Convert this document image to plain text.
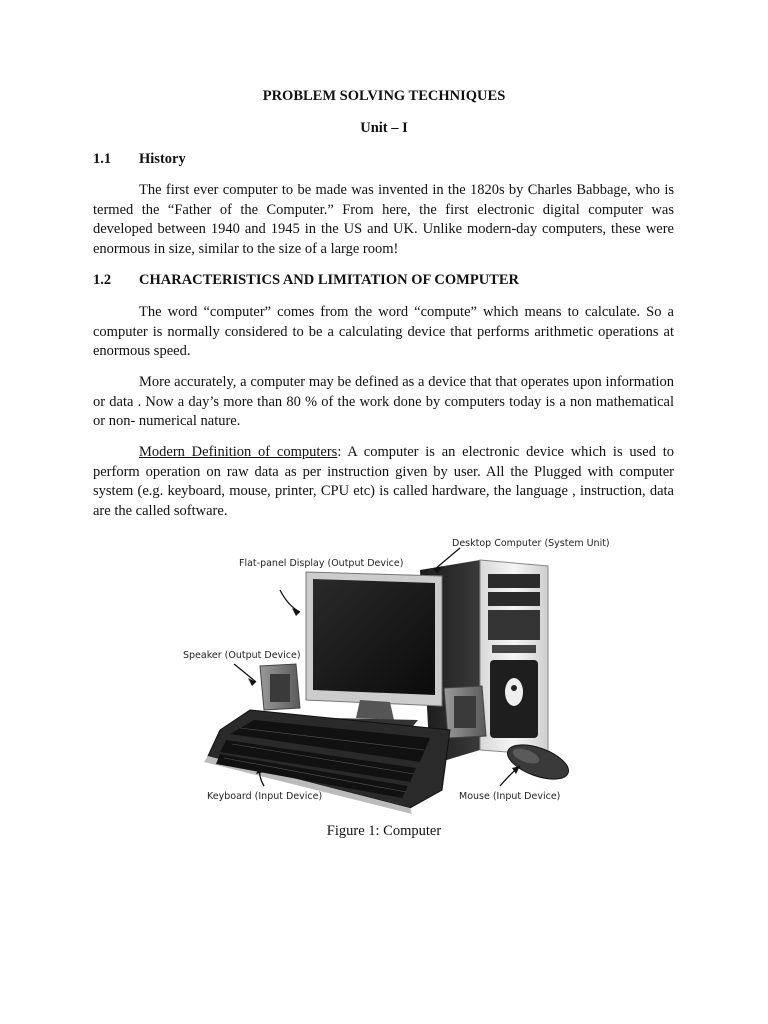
PROBLEM SOLVING TECHNIQUES
Unit – I
1.1 History

The first ever computer to be made was invented in the 1820s by Charles Babbage, who is termed the “Father of the Computer.” From here, the first electronic digital computer was developed between 1940 and 1945 in the US and UK. Unlike modern-day computers, these were enormous in size, similar to the size of a large room!

1.2 CHARACTERISTICS AND LIMITATION OF COMPUTER

The word “computer” comes from the word “compute” which means to calculate. So a computer is normally considered to be a calculating device that performs arithmetic operations at enormous speed.

More accurately, a computer may be defined as a device that that operates upon information or data . Now a day’s more than 80 % of the work done by computers today is a non mathematical or non- numerical nature.

Modern Definition of computers: A computer is an electronic device which is used to perform operation on raw data as per instruction given by user. All the Plugged with computer system (e.g. keyboard, mouse, printer, CPU etc) is called hardware, the language , instruction, data are the called software.

Desktop Computer (System Unit)
Flat-panel Display (Output Device)
Speaker (Output Device)
Keyboard (Input Device)	Mouse (Input Device)
Figure 1: Computer
